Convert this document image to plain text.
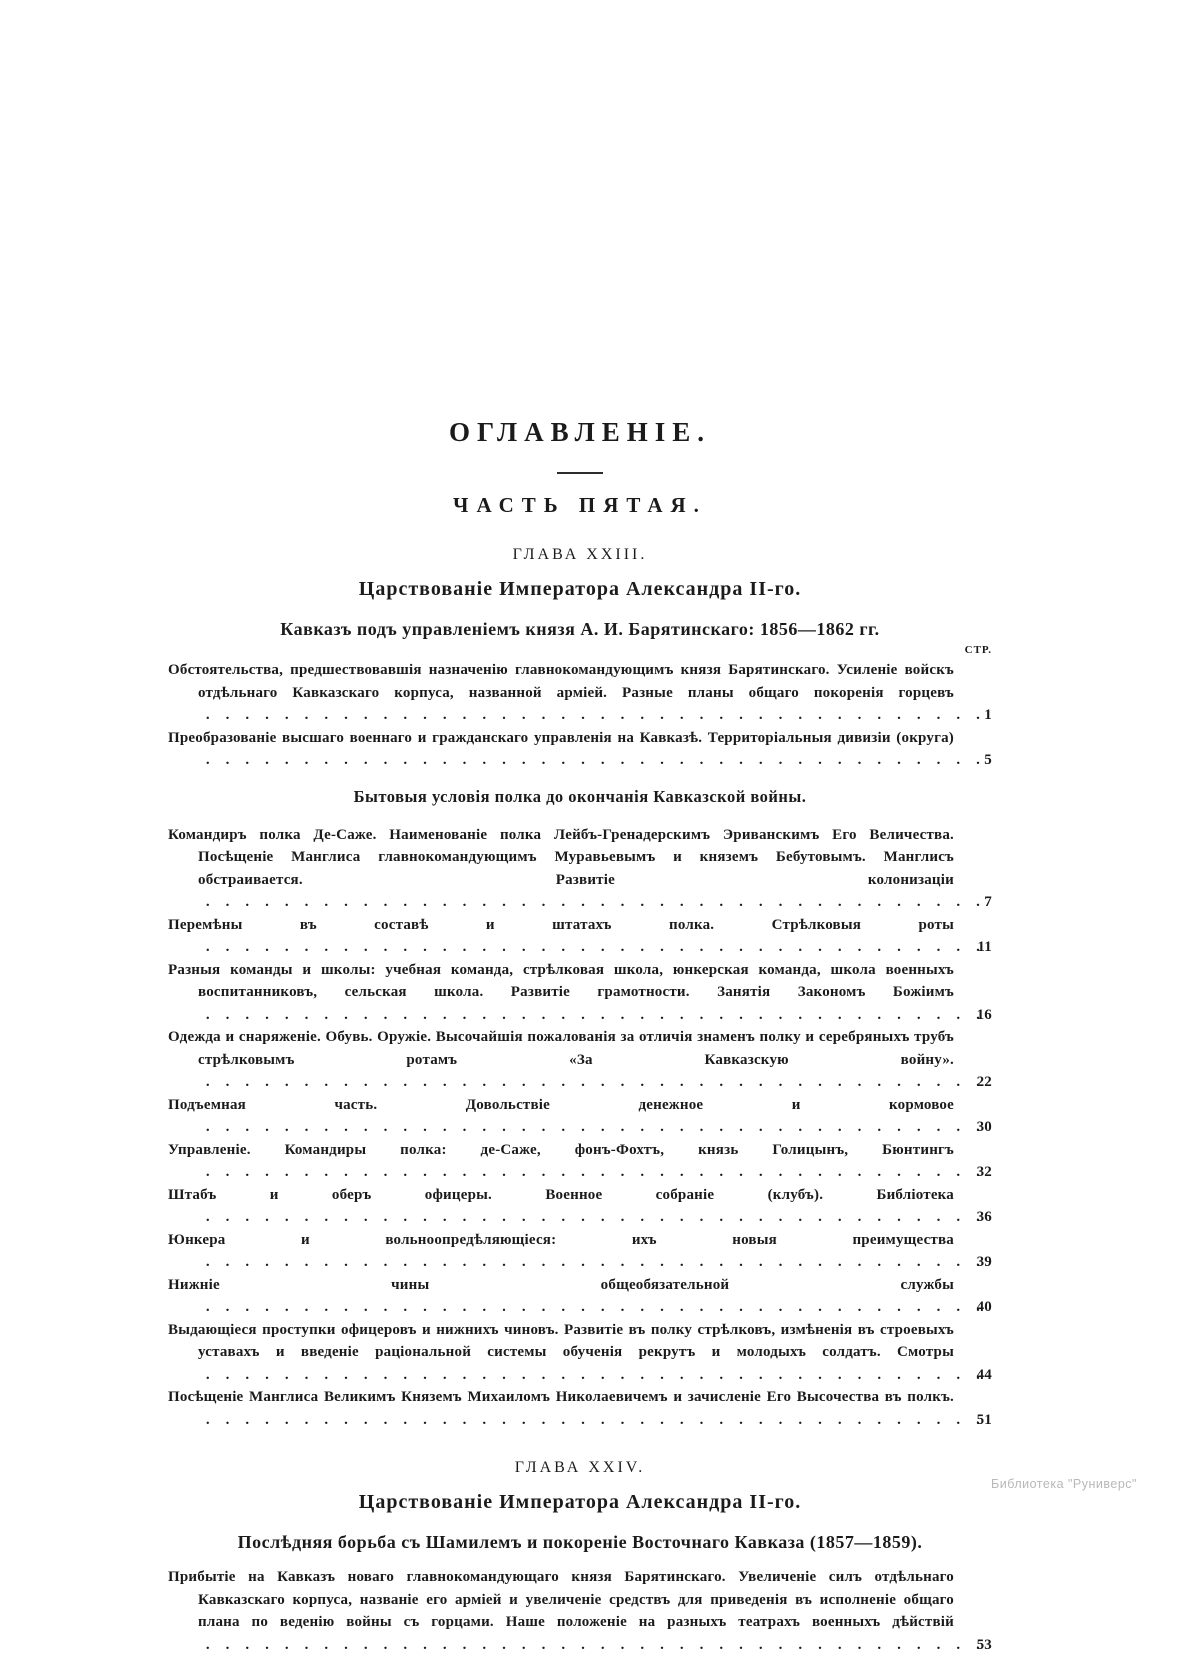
ОГЛАВЛЕНІЕ.
ЧАСТЬ ПЯТАЯ.
ГЛАВА XXIII.
Царствованіе Императора Александра II-го.
Кавказъ подъ управленіемъ князя А. И. Барятинскаго: 1856—1862 гг.
СТР.
Обстоятельства, предшествовавшія назначенію главнокомандующимъ князя Барятинскаго. Усиленіе войскъ отдѣльнаго Кавказскаго корпуса, названной арміей. Разные планы общаго покоренія горцевъ .
1
Преобразованіе высшаго военнаго и гражданскаго управленія на Кавказѣ. Территоріальныя дивизіи (округа) .
5
Бытовыя условія полка до окончанія Кавказской войны.
Командиръ полка Де-Саже. Наименованіе полка Лейбъ-Гренадерскимъ Эриванскимъ Его Величества. Посѣщеніе Манглиса главнокомандующимъ Муравьевымъ и княземъ Бебутовымъ. Манглисъ обстраивается. Развитіе колонизаціи .
7
Перемѣны въ составѣ и штатахъ полка. Стрѣлковыя роты .
11
Разныя команды и школы: учебная команда, стрѣлковая школа, юнкерская команда, школа военныхъ воспитанниковъ, сельская школа. Развитіе грамотности. Занятія Закономъ Божіимъ .
16
Одежда и снаряженіе. Обувь. Оружіе. Высочайшія пожалованія за отличія знаменъ полку и серебряныхъ трубъ стрѣлковымъ ротамъ «За Кавказскую войну». .
22
Подъемная часть. Довольствіе денежное и кормовое .
30
Управленіе. Командиры полка: де-Саже, фонъ-Фохтъ, князь Голицынъ, Бюнтингъ .
32
Штабъ и оберъ офицеры. Военное собраніе (клубъ). Библіотека .
36
Юнкера и вольноопредѣляющіеся: ихъ новыя преимущества .
39
Нижніе чины общеобязательной службы .
40
Выдающіеся проступки офицеровъ и нижнихъ чиновъ. Развитіе въ полку стрѣлковъ, измѣненія въ строевыхъ уставахъ и введеніе раціональной системы обученія рекрутъ и молодыхъ солдатъ. Смотры .
44
Посѣщеніе Манглиса Великимъ Княземъ Михаиломъ Николаевичемъ и зачисленіе Его Высочества въ полкъ. .
51
ГЛАВА XXIV.
Царствованіе Императора Александра II-го.
Послѣдняя борьба съ Шамилемъ и покореніе Восточнаго Кавказа (1857—1859).
Прибытіе на Кавказъ новаго главнокомандующаго князя Барятинскаго. Увеличеніе силъ отдѣльнаго Кавказскаго корпуса, названіе его арміей и увеличеніе средствъ для приведенія въ исполненіе общаго плана по веденію войны съ горцами. Наше положеніе на разныхъ театрахъ военныхъ дѣйствій .
53
Библиотека "Руниверс"
